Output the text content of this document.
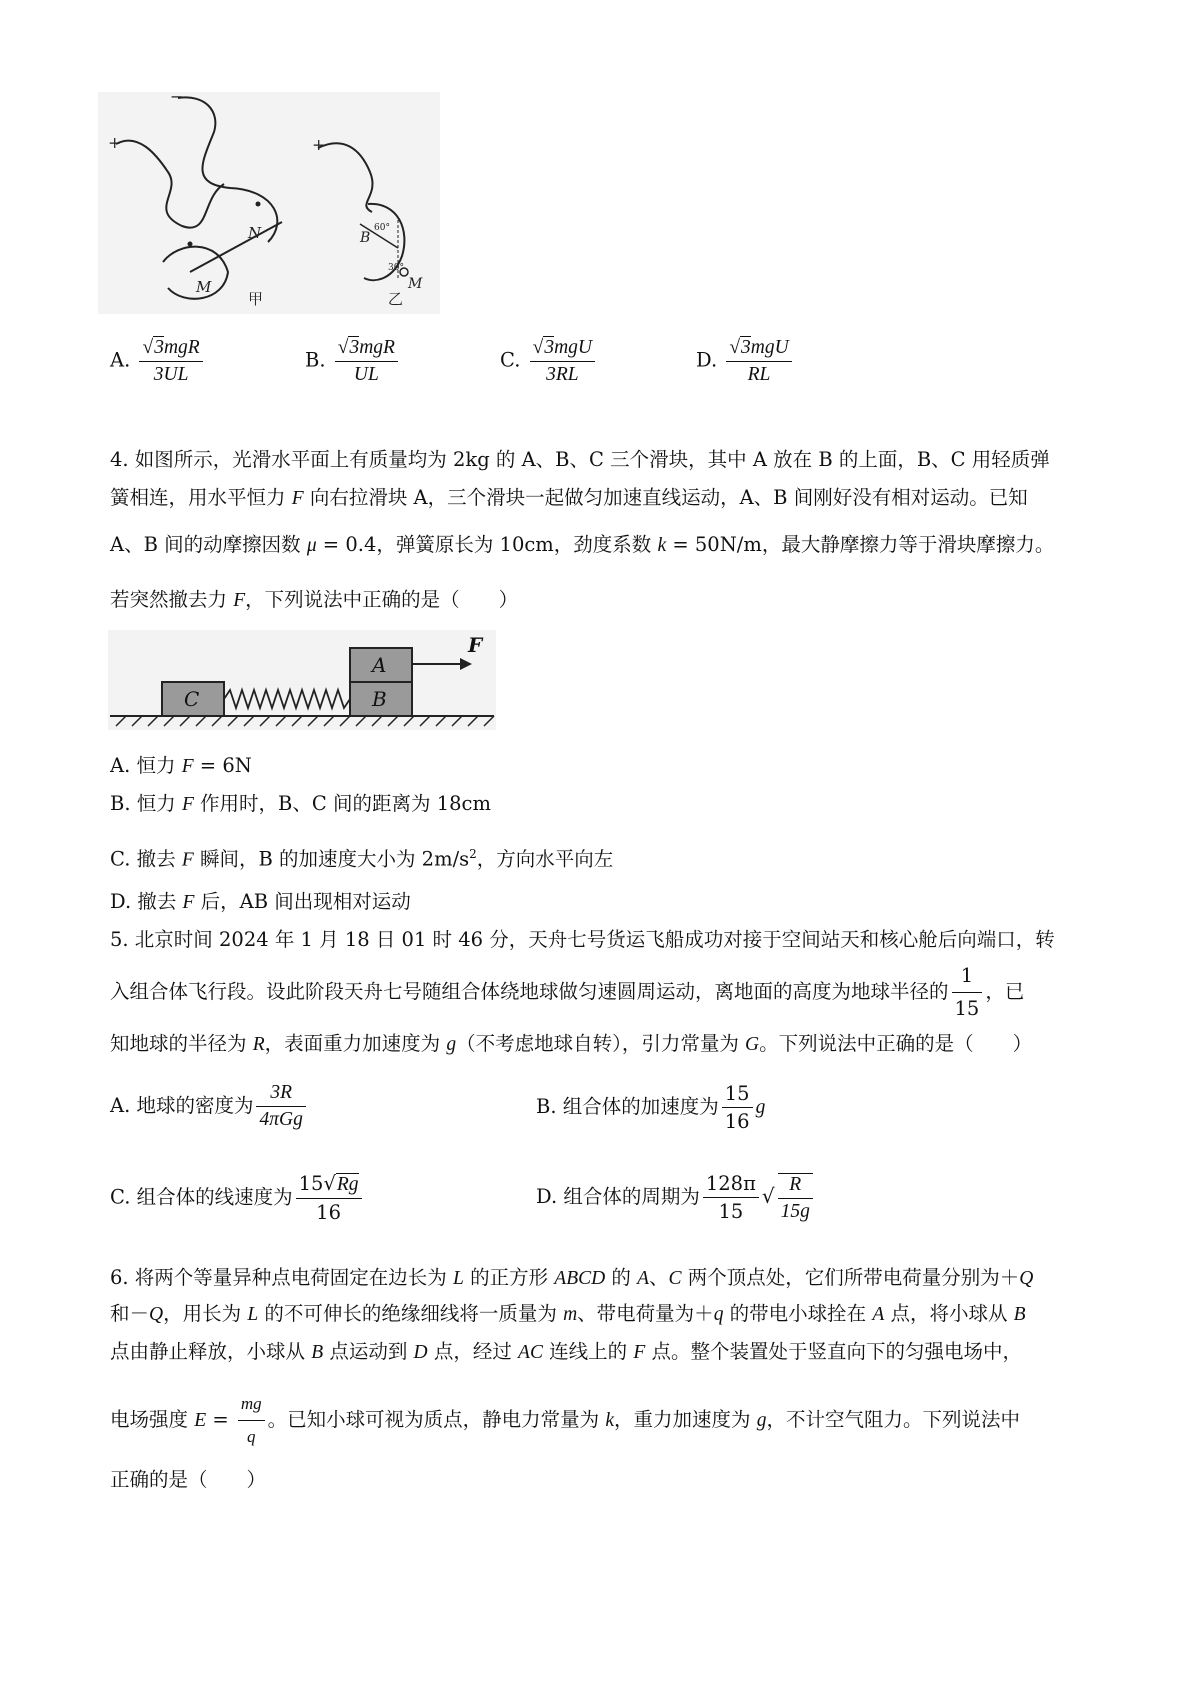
+
−
M
N
甲
+
B
60°
30°
M
乙
A. $\frac{\text{√3mgR}}{3UL}$	B. $\frac{\text{√3mgR}}{UL}$	C. $\frac{\text{√3mgU}}{3RL}$	D. $\frac{\text{√3mgU}}{RL}$
4. 如图所示，光滑水平面上有质量均为 2kg 的 A、B、C 三个滑块，其中 A 放在 B 的上面，B、C 用轻质弹
簧相连，用水平恒力 F 向右拉滑块 A，三个滑块一起做匀加速直线运动，A、B 间刚好没有相对运动。已知
A、B 间的动摩擦因数 μ = 0.4，弹簧原长为 10cm，劲度系数 k = 50N/m，最大静摩擦力等于滑块摩擦力。
若突然撤去力 F，下列说法中正确的是（　　）
C	B
A
F
A. 恒力 F = 6N
B. 恒力 F 作用时，B、C 间的距离为 18cm
C. 撤去 F 瞬间，B 的加速度大小为 $2m/s^2$，方向水平向左
D. 撤去 F 后，AB 间出现相对运动
5. 北京时间 2024 年 1 月 18 日 01 时 46 分，天舟七号货运飞船成功对接于空间站天和核心舱后向端口，转
入组合体飞行段。设此阶段天舟七号随组合体绕地球做匀速圆周运动，离地面的高度为地球半径的 $\frac{1}{15}$ ，已
知地球的半径为 R，表面重力加速度为 g（不考虑地球自转），引力常量为 G。下列说法中正确的是（　　）
A. 地球的密度为 $\frac{3R}{\text{4πGg}}$	B. 组合体的加速度为 $\frac{15}{16}$ g
C. 组合体的线速度为 $\frac{15√Rg}{16}$	D. 组合体的周期为 $\frac{128\pi}{15}$ √ $\frac{R}{15g}$
6. 将两个等量异种点电荷固定在边长为 L 的正方形 ABCD 的 A、C 两个顶点处，它们所带电荷量分别为＋Q
和－Q，用长为 L 的不可伸长的绝缘细线将一质量为 m、带电荷量为＋q 的带电小球拴在 A 点，将小球从 B
点由静止释放，小球从 B 点运动到 D 点，经过 AC 连线上的 F 点。整个装置处于竖直向下的匀强电场中，
电场强度 $E = \frac{mg}{q}$ 。已知小球可视为质点，静电力常量为 k，重力加速度为 g，不计空气阻力。下列说法中
正确的是（　　）
